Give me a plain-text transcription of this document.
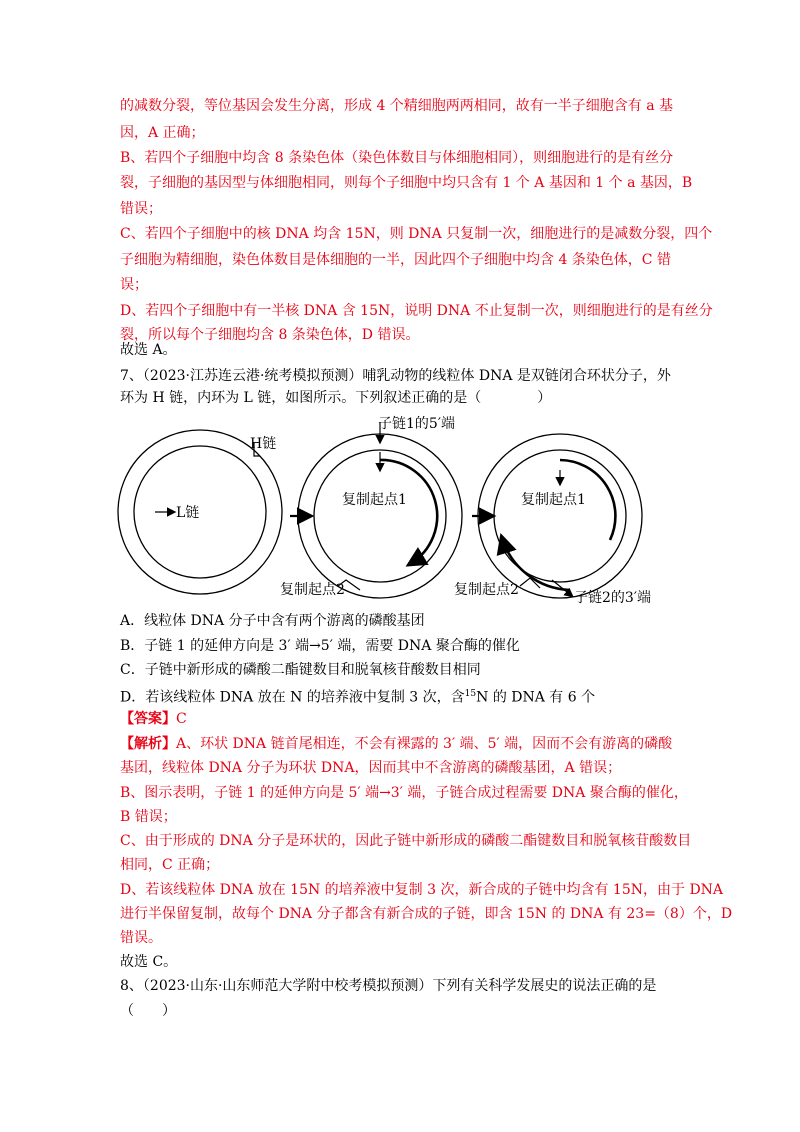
的减数分裂，等位基因会发生分离，形成 4 个精细胞两两相同，故有一半子细胞含有 a 基
因，A 正确；
B、若四个子细胞中均含 8 条染色体（染色体数目与体细胞相同），则细胞进行的是有丝分
裂，子细胞的基因型与体细胞相同，则每个子细胞中均只含有 1 个 A 基因和 1 个 a 基因，B
错误；
C、若四个子细胞中的核 DNA 均含 15N，则 DNA 只复制一次，细胞进行的是减数分裂，四个
子细胞为精细胞，染色体数目是体细胞的一半，因此四个子细胞中均含 4 条染色体，C 错
误；
D、若四个子细胞中有一半核 DNA 含 15N，说明 DNA 不止复制一次，则细胞进行的是有丝分
裂，所以每个子细胞均含 8 条染色体，D 错误。
故选 A。
7、（2023·江苏连云港·统考模拟预测）哺乳动物的线粒体 DNA 是双链闭合环状分子，外
环为 H 链，内环为 L 链，如图所示。下列叙述正确的是（　　　　）
L链
H链
复制起点1
子链1的5′端
复制起点2
复制起点1
复制起点2	子链2的3′端
A．线粒体 DNA 分子中含有两个游离的磷酸基团
B．子链 1 的延伸方向是 3′ 端→5′ 端，需要 DNA 聚合酶的催化
C．子链中新形成的磷酸二酯键数目和脱氧核苷酸数目相同
D．若该线粒体 DNA 放在 N 的培养液中复制 3 次，含$^{15}$N 的 DNA 有 6 个
【答案】C
【解析】A、环状 DNA 链首尾相连，不会有裸露的 3′ 端、5′ 端，因而不会有游离的磷酸
基团，线粒体 DNA 分子为环状 DNA，因而其中不含游离的磷酸基团，A 错误；
B、图示表明，子链 1 的延伸方向是 5′ 端→3′ 端，子链合成过程需要 DNA 聚合酶的催化，
B 错误；
C、由于形成的 DNA 分子是环状的，因此子链中新形成的磷酸二酯键数目和脱氧核苷酸数目
相同，C 正确；
D、若该线粒体 DNA 放在 15N 的培养液中复制 3 次，新合成的子链中均含有 15N，由于 DNA
进行半保留复制，故每个 DNA 分子都含有新合成的子链，即含 15N 的 DNA 有 23=（8）个，D
错误。
故选 C。
8、（2023·山东·山东师范大学附中校考模拟预测）下列有关科学发展史的说法正确的是
（　　）
